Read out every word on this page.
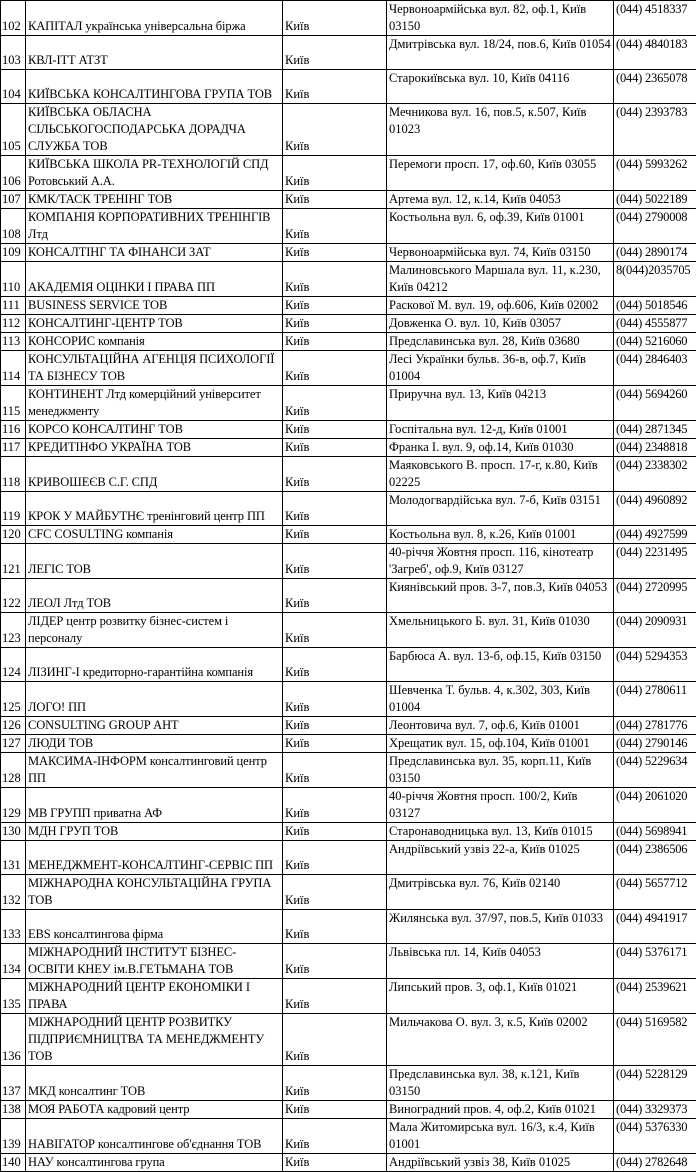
102	КАПІТАЛ українська універсальна біржа	Київ	Червоноармійська вул. 82, оф.1, Київ 03150	(044) 4518337
103	КВЛ-ІТТ АТЗТ	Київ	Дмитрівська вул. 18/24, пов.6, Київ 01054	(044) 4840183
104	КИЇВСЬКА КОНСАЛТИНГОВА ГРУПА ТОВ	Київ	Старокиївська вул. 10, Київ 04116	(044) 2365078
105	КИЇВСЬКА ОБЛАСНА СІЛЬСЬКОГОСПОДАРСЬКА ДОРАДЧА СЛУЖБА ТОВ	Київ	Мечникова вул. 16, пов.5, к.507, Київ 01023	(044) 2393783
106	КИЇВСЬКА ШКОЛА PR-ТЕХНОЛОГІЙ СПД Ротовський А.А.	Київ	Перемоги просп. 17, оф.60, Київ 03055	(044) 5993262
107	КМК/ТАСК ТРЕНІНГ ТОВ	Київ	Артема вул. 12, к.14, Київ 04053	(044) 5022189
108	КОМПАНІЯ КОРПОРАТИВНИХ ТРЕНІНГІВ Лтд	Київ	Костьольна вул. 6, оф.39, Київ 01001	(044) 2790008
109	КОНСАЛТІНГ ТА ФІНАНСИ ЗАТ	Київ	Червоноармійська вул. 74, Київ 03150	(044) 2890174
110	АКАДЕМІЯ ОЦІНКИ І ПРАВА ПП	Київ	Малиновського Маршала вул. 11, к.230, Київ 04212	8(044)2035705
111	BUSINESS SERVICE ТОВ	Київ	Раскової М. вул. 19, оф.606, Київ 02002	(044) 5018546
112	КОНСАЛТИНГ-ЦЕНТР ТОВ	Київ	Довженка О. вул. 10, Київ 03057	(044) 4555877
113	КОНСОРИС компанія	Київ	Предславинська вул. 28, Київ 03680	(044) 5216060
114	КОНСУЛЬТАЦІЙНА АГЕНЦІЯ ПСИХОЛОГІЇ ТА БІЗНЕСУ ТОВ	Київ	Лесі Українки бульв. 36-в, оф.7, Київ 01004	(044) 2846403
115	КОНТИНЕНТ Лтд комерційний університет менеджменту	Київ	Приручна вул. 13, Київ 04213	(044) 5694260
116	КОРСО КОНСАЛТИНГ ТОВ	Київ	Госпітальна вул. 12-д, Київ 01001	(044) 2871345
117	КРЕДИТІНФО УКРАЇНА ТОВ	Київ	Франка І. вул. 9, оф.14, Київ 01030	(044) 2348818
118	КРИВОШЕЄВ С.Г. СПД	Київ	Маяковського В. просп. 17-г, к.80, Київ 02225	(044) 2338302
119	КРОК У МАЙБУТНЄ тренінговий центр ПП	Київ	Молодогвардійська вул. 7-б, Київ 03151	(044) 4960892
120	CFC COSULTING компанія	Київ	Костьольна вул. 8, к.26, Київ 01001	(044) 4927599
121	ЛЕГІС ТОВ	Київ	40-річчя Жовтня просп. 116, кінотеатр 'Загреб', оф.9, Київ 03127	(044) 2231495
122	ЛЕОЛ Лтд ТОВ	Київ	Киянівський пров. 3-7, пов.3, Київ 04053	(044) 2720995
123	ЛІДЕР центр розвитку бізнес-систем і персоналу	Київ	Хмельницького Б. вул. 31, Київ 01030	(044) 2090931
124	ЛІЗИНГ-І кредиторно-гарантійна компанія	Київ	Барбюса А. вул. 13-б, оф.15, Київ 03150	(044) 5294353
125	ЛОГО! ПП	Київ	Шевченка Т. бульв. 4, к.302, 303, Київ 01004	(044) 2780611
126	CONSULTING GROUP АНТ	Київ	Леонтовича вул. 7, оф.6, Київ 01001	(044) 2781776
127	ЛЮДИ ТОВ	Київ	Хрещатик вул. 15, оф.104, Київ 01001	(044) 2790146
128	МАКСИМА-ІНФОРМ консалтинговий центр ПП	Київ	Предславинська вул. 35, корп.11, Київ 03150	(044) 5229634
129	МВ ГРУПП приватна АФ	Київ	40-річчя Жовтня просп. 100/2, Київ 03127	(044) 2061020
130	МДН ГРУП ТОВ	Київ	Старонаводницька вул. 13, Київ 01015	(044) 5698941
131	МЕНЕДЖМЕНТ-КОНСАЛТИНГ-СЕРВІС ПП	Київ	Андріївський узвіз 22-а, Київ 01025	(044) 2386506
132	МІЖНАРОДНА КОНСУЛЬТАЦІЙНА ГРУПА ТОВ	Київ	Дмитрівська вул. 76, Київ 02140	(044) 5657712
133	EBS консалтингова фірма	Київ	Жилянська вул. 37/97, пов.5, Київ 01033	(044) 4941917
134	МІЖНАРОДНИЙ ІНСТИТУТ БІЗНЕС-ОСВІТИ КНЕУ ім.В.ГЕТЬМАНА ТОВ	Київ	Львівська пл. 14, Київ 04053	(044) 5376171
135	МІЖНАРОДНИЙ ЦЕНТР ЕКОНОМІКИ І ПРАВА	Київ	Липський пров. 3, оф.1, Київ 01021	(044) 2539621
136	МІЖНАРОДНИЙ ЦЕНТР РОЗВИТКУ ПІДПРИЄМНИЦТВА ТА МЕНЕДЖМЕНТУ ТОВ	Київ	Мильчакова О. вул. 3, к.5, Київ 02002	(044) 5169582
137	МКД консалтинг ТОВ	Київ	Предславинська вул. 38, к.121, Київ 03150	(044) 5228129
138	МОЯ РАБОТА кадровий центр	Київ	Виноградний пров. 4, оф.2, Київ 01021	(044) 3329373
139	НАВІГАТОР консалтингове об'єднання ТОВ	Київ	Мала Житомирська вул. 16/3, к.4, Київ 01001	(044) 5376330
140	НАУ консалтингова група	Київ	Андріївський узвіз 38, Київ 01025	(044) 2782648
